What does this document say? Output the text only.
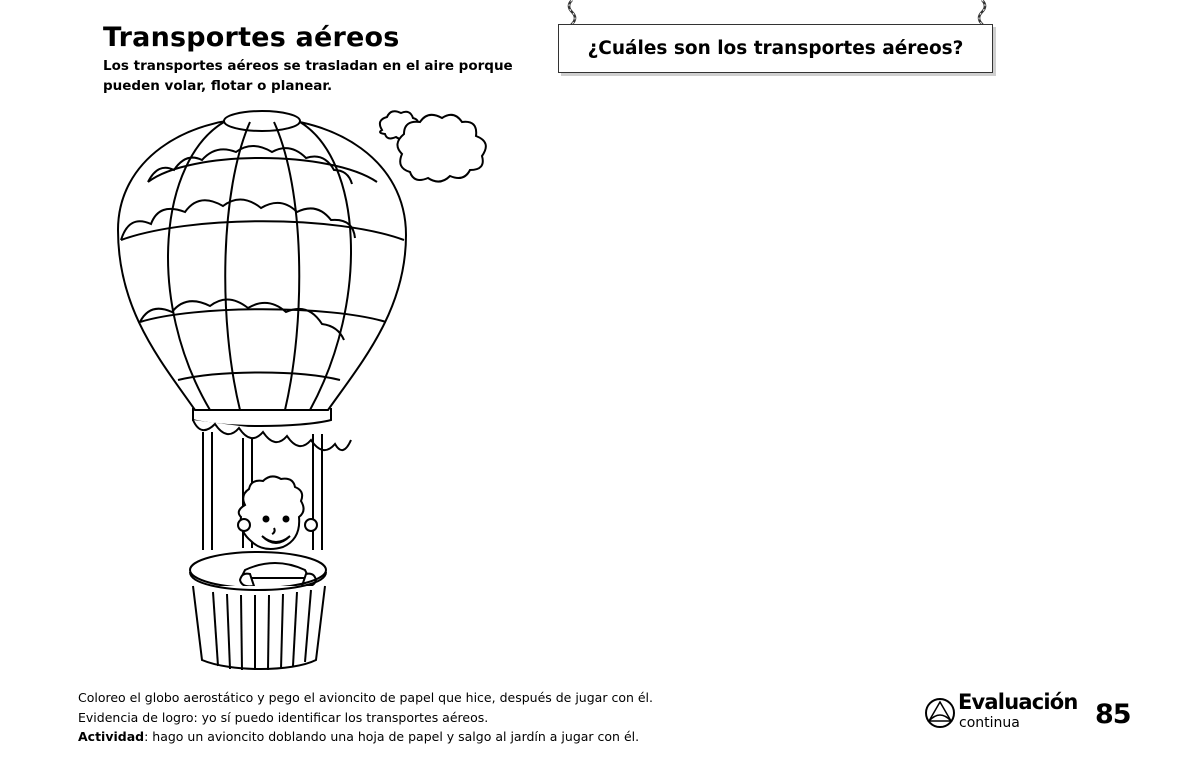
Transportes aéreos
Los transportes aéreos se trasladan en el aire porque pueden volar, flotar o planear.
¿Cuáles son los transportes aéreos?
Coloreo el globo aerostático y pego el avioncito de papel que hice, después de jugar con él.
Evidencia de logro: yo sí puedo identificar los transportes aéreos.
Actividad: hago un avioncito doblando una hoja de papel y salgo al jardín a jugar con él.
Evaluación
continua	85
